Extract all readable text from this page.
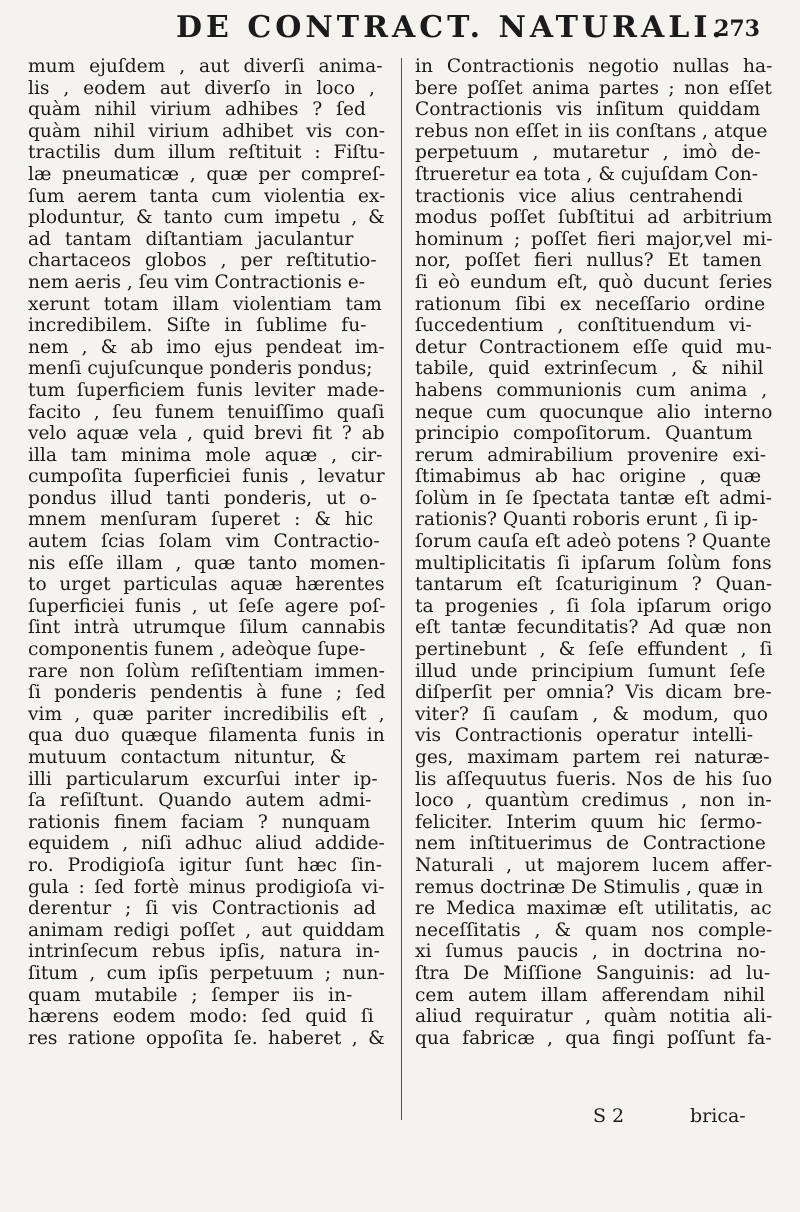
DE CONTRACT. NATURALI.
273
mum ejuſdem , aut diverſi anima-
lis , eodem aut diverſo in loco ,
quàm nihil virium adhibes ? ſed
quàm nihil virium adhibet vis con-
tractilis dum illum reſtituit : Fiſtu-
læ pneumaticæ , quæ per compreſ-
ſum aerem tanta cum violentia ex-
ploduntur, & tanto cum impetu , &
ad tantam diſtantiam jaculantur
chartaceos globos , per reſtitutio-
nem aeris , ſeu vim Contractionis e-
xerunt totam illam violentiam tam
incredibilem. Siſte in ſublime fu-
nem , & ab imo ejus pendeat im-
menſi cujuſcunque ponderis pondus;
tum ſuperficiem funis leviter made-
facito , ſeu funem tenuiſſimo quaſi
velo aquæ vela , quid brevi fit ? ab
illa tam minima mole aquæ , cir-
cumpoſita ſuperficiei funis , levatur
pondus illud tanti ponderis, ut o-
mnem menſuram ſuperet : & hic
autem ſcias ſolam vim Contractio-
nis eſſe illam , quæ tanto momen-
to urget particulas aquæ hærentes
ſuperficiei funis , ut ſeſe agere poſ-
ſint intrà utrumque ſilum cannabis
componentis funem , adeòque ſupe-
rare non ſolùm reſiſtentiam immen-
ſi ponderis pendentis à fune ; ſed
vim , quæ pariter incredibilis eſt ,
qua duo quæque filamenta funis in
mutuum contactum nituntur, &
illi particularum excurſui inter ip-
ſa reſiſtunt. Quando autem admi-
rationis finem faciam ? nunquam
equidem , niſi adhuc aliud addide-
ro. Prodigioſa igitur ſunt hæc ſin-
gula : ſed fortè minus prodigioſa vi-
derentur ; ſi vis Contractionis ad
animam redigi poſſet , aut quiddam
intrinſecum rebus ipſis, natura in-
ſitum , cum ipſis perpetuum ; nun-
quam mutabile ; ſemper iis in-
hærens eodem modo: ſed quid ſi
res ratione oppoſita ſe. haberet , &
in Contractionis negotio nullas ha-
bere poſſet anima partes ; non eſſet
Contractionis vis inſitum quiddam
rebus non eſſet in iis conſtans , atque
perpetuum , mutaretur , imò de-
ſtrueretur ea tota , & cujuſdam Con-
tractionis vice alius centrahendi
modus poſſet ſubſtitui ad arbitrium
hominum ; poſſet fieri major,vel mi-
nor, poſſet fieri nullus? Et tamen
ſi eò eundum eſt, quò ducunt ſeries
rationum ſibi ex neceſſario ordine
ſuccedentium , conſtituendum vi-
detur Contractionem eſſe quid mu-
tabile, quid extrinſecum , & nihil
habens communionis cum anima ,
neque cum quocunque alio interno
principio compoſitorum. Quantum
rerum admirabilium provenire exi-
ſtimabimus ab hac origine , quæ
ſolùm in ſe ſpectata tantæ eſt admi-
rationis? Quanti roboris erunt , ſi ip-
ſorum cauſa eſt adeò potens ? Quante
multiplicitatis ſi ipſarum ſolùm fons
tantarum eſt ſcaturiginum ? Quan-
ta progenies , ſi ſola ipſarum origo
eſt tantæ fecunditatis? Ad quæ non
pertinebunt , & ſeſe effundent , ſi
illud unde principium ſumunt ſeſe
diſperſit per omnia? Vis dicam bre-
viter? ſi cauſam , & modum, quo
vis Contractionis operatur intelli-
ges, maximam partem rei naturæ-
lis aſſequutus fueris. Nos de his ſuo
loco , quantùm credimus , non in-
feliciter. Interim quum hic ſermo-
nem inſtituerimus de Contractione
Naturali , ut majorem lucem affer-
remus doctrinæ De Stimulis , quæ in
re Medica maximæ eſt utilitatis, ac
neceſſitatis , & quam nos comple-
xi ſumus paucis , in doctrina no-
ſtra De Miſſione Sanguinis: ad lu-
cem autem illam afferendam nihil
aliud requiratur , quàm notitia ali-
qua fabricæ , qua fingi poſſunt fa-
S 2	brica-
